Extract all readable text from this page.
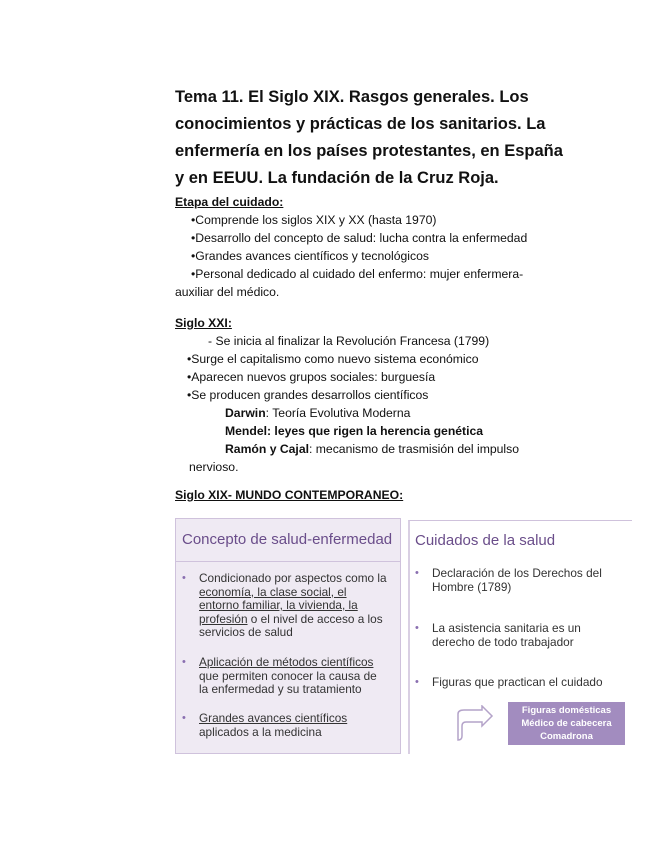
Tema 11. El Siglo XIX. Rasgos generales. Los
conocimientos y prácticas de los sanitarios. La
enfermería en los países protestantes, en España
y en EEUU. La fundación de la Cruz Roja.
Etapa del cuidado:
•Comprende los siglos XIX y XX (hasta 1970)
•Desarrollo del concepto de salud: lucha contra la enfermedad
•Grandes avances científicos y tecnológicos
•Personal dedicado al cuidado del enfermo: mujer enfermera-
auxiliar del médico.
Siglo XXI:
- Se inicia al finalizar la Revolución Francesa (1799)
•Surge el capitalismo como nuevo sistema económico
•Aparecen nuevos grupos sociales: burguesía
•Se producen grandes desarrollos científicos
Darwin: Teoría Evolutiva Moderna
Mendel: leyes que rigen la herencia genética
Ramón y Cajal: mecanismo de trasmisión del impulso
nervioso.
Siglo XIX- MUNDO CONTEMPORANEO:
Concepto de salud-enfermedad
• Condicionado por aspectos como la
economía, la clase social, el
entorno familiar, la vivienda, la
profesión o el nivel de acceso a los
servicios de salud
• Aplicación de métodos científicos
que permiten conocer la causa de
la enfermedad y su tratamiento
• Grandes avances científicos
aplicados a la medicina
Cuidados de la salud
• Declaración de los Derechos del
Hombre (1789)
• La asistencia sanitaria es un
derecho de todo trabajador
• Figuras que practican el cuidado
Figuras domésticas
Médico de cabecera
Comadrona
